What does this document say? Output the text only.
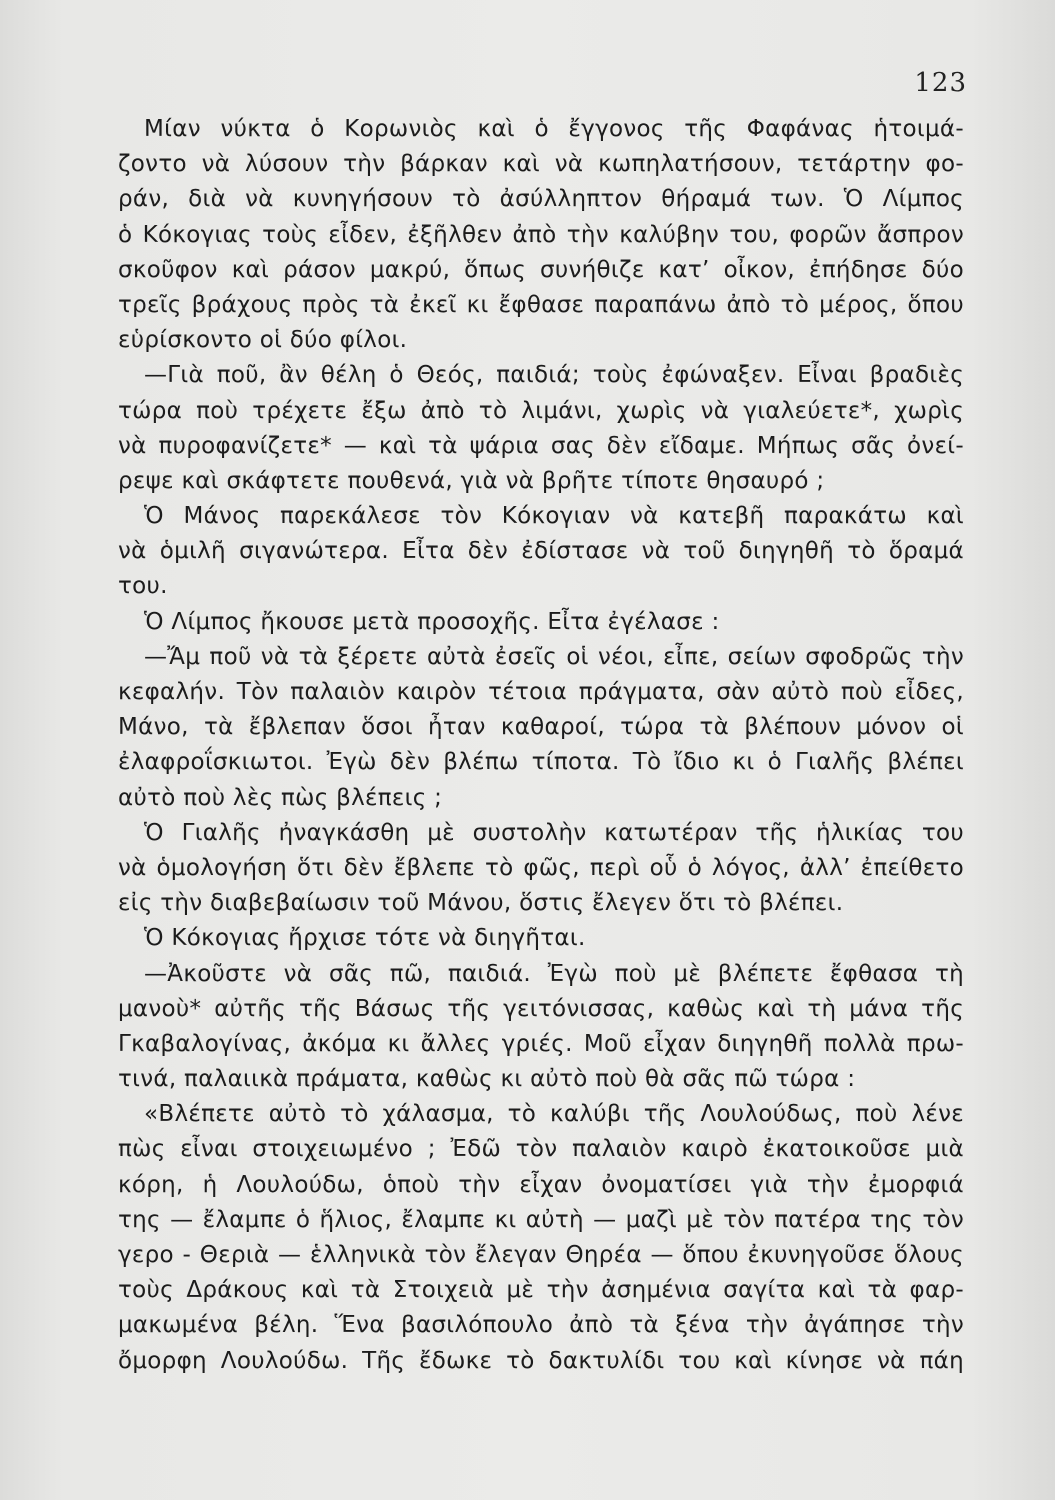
123
Μίαν νύκτα ὁ Κορωνιὸς καὶ ὁ ἔγγονος τῆς Φαφάνας ἡτοιμά-
ζοντο νὰ λύσουν τὴν βάρκαν καὶ νὰ κωπηλατήσουν, τετάρτην φο-
ράν, διὰ νὰ κυνηγήσουν τὸ ἀσύλληπτον θήραμά των. Ὁ Λίμπος
ὁ Κόκογιας τοὺς εἶδεν, ἐξῆλθεν ἀπὸ τὴν καλύβην του, φορῶν ἄσπρον
σκοῦφον καὶ ράσον μακρύ, ὅπως συνήθιζε κατ’ οἶκον, ἐπήδησε δύο
τρεῖς βράχους πρὸς τὰ ἐκεῖ κι ἔφθασε παραπάνω ἀπὸ τὸ μέρος, ὅπου
εὑρίσκοντο οἱ δύο φίλοι.
—Γιὰ ποῦ, ἂν θέλη ὁ Θεός, παιδιά; τοὺς ἐφώναξεν. Εἶναι βραδιὲς
τώρα ποὺ τρέχετε ἔξω ἀπὸ τὸ λιμάνι, χωρὶς νὰ γιαλεύετε*, χωρὶς
νὰ πυροφανίζετε* — καὶ τὰ ψάρια σας δὲν εἴδαμε. Μήπως σᾶς ὀνεί-
ρεψε καὶ σκάφτετε πουθενά, γιὰ νὰ βρῆτε τίποτε θησαυρό ;
Ὁ Μάνος παρεκάλεσε τὸν Κόκογιαν νὰ κατεβῆ παρακάτω καὶ
νὰ ὁμιλῆ σιγανώτερα. Εἶτα δὲν ἐδίστασε νὰ τοῦ διηγηθῆ τὸ ὅραμά
του.
Ὁ Λίμπος ἤκουσε μετὰ προσοχῆς. Εἶτα ἐγέλασε :
—Ἄμ ποῦ νὰ τὰ ξέρετε αὐτὰ ἐσεῖς οἱ νέοι, εἶπε, σείων σφοδρῶς τὴν
κεφαλήν. Τὸν παλαιὸν καιρὸν τέτοια πράγματα, σὰν αὐτὸ ποὺ εἶδες,
Μάνο, τὰ ἔβλεπαν ὅσοι ἦταν καθαροί, τώρα τὰ βλέπουν μόνον οἱ
ἐλαφροΐσκιωτοι. Ἐγὼ δὲν βλέπω τίποτα. Τὸ ἴδιο κι ὁ Γιαλῆς βλέπει
αὐτὸ ποὺ λὲς πὼς βλέπεις ;
Ὁ Γιαλῆς ἠναγκάσθη μὲ συστολὴν κατωτέραν τῆς ἡλικίας του
νὰ ὁμολογήση ὅτι δὲν ἔβλεπε τὸ φῶς, περὶ οὗ ὁ λόγος, ἀλλ’ ἐπείθετο
εἰς τὴν διαβεβαίωσιν τοῦ Μάνου, ὅστις ἔλεγεν ὅτι τὸ βλέπει.
Ὁ Κόκογιας ἤρχισε τότε νὰ διηγῆται.
—Ἀκοῦστε νὰ σᾶς πῶ, παιδιά. Ἐγὼ ποὺ μὲ βλέπετε ἔφθασα τὴ
μανοὺ* αὐτῆς τῆς Βάσως τῆς γειτόνισσας, καθὼς καὶ τὴ μάνα τῆς
Γκαβαλογίνας, ἀκόμα κι ἄλλες γριές. Μοῦ εἶχαν διηγηθῆ πολλὰ πρω-
τινά, παλαιικὰ πράματα, καθὼς κι αὐτὸ ποὺ θὰ σᾶς πῶ τώρα :
«Βλέπετε αὐτὸ τὸ χάλασμα, τὸ καλύβι τῆς Λουλούδως, ποὺ λένε
πὼς εἶναι στοιχειωμένο ; Ἐδῶ τὸν παλαιὸν καιρὸ ἐκατοικοῦσε μιὰ
κόρη, ἡ Λουλούδω, ὁποὺ τὴν εἶχαν ὀνοματίσει γιὰ τὴν ἐμορφιά
της — ἔλαμπε ὁ ἥλιος, ἔλαμπε κι αὐτὴ — μαζὶ μὲ τὸν πατέρα της τὸν
γερο - Θεριὰ — ἑλληνικὰ τὸν ἔλεγαν Θηρέα — ὅπου ἐκυνηγοῦσε ὅλους
τοὺς Δράκους καὶ τὰ Στοιχειὰ μὲ τὴν ἀσημένια σαγίτα καὶ τὰ φαρ-
μακωμένα βέλη. Ἕνα βασιλόπουλο ἀπὸ τὰ ξένα τὴν ἀγάπησε τὴν
ὄμορφη Λουλούδω. Τῆς ἔδωκε τὸ δακτυλίδι του καὶ κίνησε νὰ πάη
